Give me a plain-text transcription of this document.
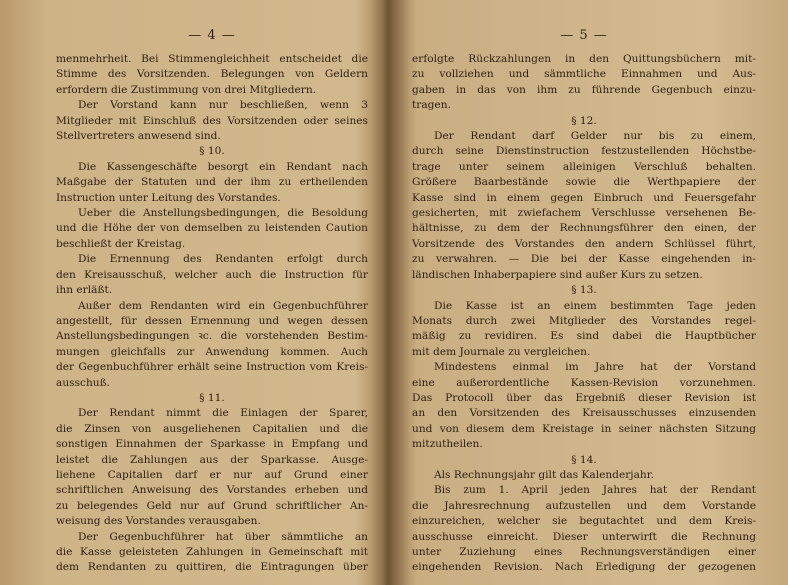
— 4 —
menmehrheit. Bei Stimmengleichheit entscheidet die
Stimme des Vorsitzenden. Belegungen von Geldern
erfordern die Zustimmung von drei Mitgliedern.
Der Vorstand kann nur beschließen, wenn 3
Mitglieder mit Einschluß des Vorsitzenden oder seines
Stellvertreters anwesend sind.
§ 10.
Die Kassengeschäfte besorgt ein Rendant nach
Maßgabe der Statuten und der ihm zu ertheilenden
Instruction unter Leitung des Vorstandes.
Ueber die Anstellungsbedingungen, die Besoldung
und die Höhe der von demselben zu leistenden Caution
beschließt der Kreistag.
Die Ernennung des Rendanten erfolgt durch
den Kreisausschuß, welcher auch die Instruction für
ihn erläßt.
Außer dem Rendanten wird ein Gegenbuchführer
angestellt, für dessen Ernennung und wegen dessen
Anstellungsbedingungen ꝛc. die vorstehenden Bestim-
mungen gleichfalls zur Anwendung kommen. Auch
der Gegenbuchführer erhält seine Instruction vom Kreis-
ausschuß.
§ 11.
Der Rendant nimmt die Einlagen der Sparer,
die Zinsen von ausgeliehenen Capitalien und die
sonstigen Einnahmen der Sparkasse in Empfang und
leistet die Zahlungen aus der Sparkasse. Ausge-
liehene Capitalien darf er nur auf Grund einer
schriftlichen Anweisung des Vorstandes erheben und
zu belegendes Geld nur auf Grund schriftlicher An-
weisung des Vorstandes verausgaben.
Der Gegenbuchführer hat über sämmtliche an
die Kasse geleisteten Zahlungen in Gemeinschaft mit
dem Rendanten zu quittiren, die Eintragungen über
— 5 —
erfolgte Rückzahlungen in den Quittungsbüchern mit-
zu vollziehen und sämmtliche Einnahmen und Aus-
gaben in das von ihm zu führende Gegenbuch einzu-
tragen.
§ 12.
Der Rendant darf Gelder nur bis zu einem,
durch seine Dienstinstruction festzustellenden Höchstbe-
trage unter seinem alleinigen Verschluß behalten.
Größere Baarbestände sowie die Werthpapiere der
Kasse sind in einem gegen Einbruch und Feuersgefahr
gesicherten, mit zwiefachem Verschlusse versehenen Be-
hältnisse, zu dem der Rechnungsführer den einen, der
Vorsitzende des Vorstandes den andern Schlüssel führt,
zu verwahren. — Die bei der Kasse eingehenden in-
ländischen Inhaberpapiere sind außer Kurs zu setzen.
§ 13.
Die Kasse ist an einem bestimmten Tage jeden
Monats durch zwei Mitglieder des Vorstandes regel-
mäßig zu revidiren. Es sind dabei die Hauptbücher
mit dem Journale zu vergleichen.
Mindestens einmal im Jahre hat der Vorstand
eine außerordentliche Kassen-Revision vorzunehmen.
Das Protocoll über das Ergebniß dieser Revision ist
an den Vorsitzenden des Kreisausschusses einzusenden
und von diesem dem Kreistage in seiner nächsten Sitzung
mitzutheilen.
§ 14.
Als Rechnungsjahr gilt das Kalenderjahr.
Bis zum 1. April jeden Jahres hat der Rendant
die Jahresrechnung aufzustellen und dem Vorstande
einzureichen, welcher sie begutachtet und dem Kreis-
ausschusse einreicht. Dieser unterwirft die Rechnung
unter Zuziehung eines Rechnungsverständigen einer
eingehenden Revision. Nach Erledigung der gezogenen
